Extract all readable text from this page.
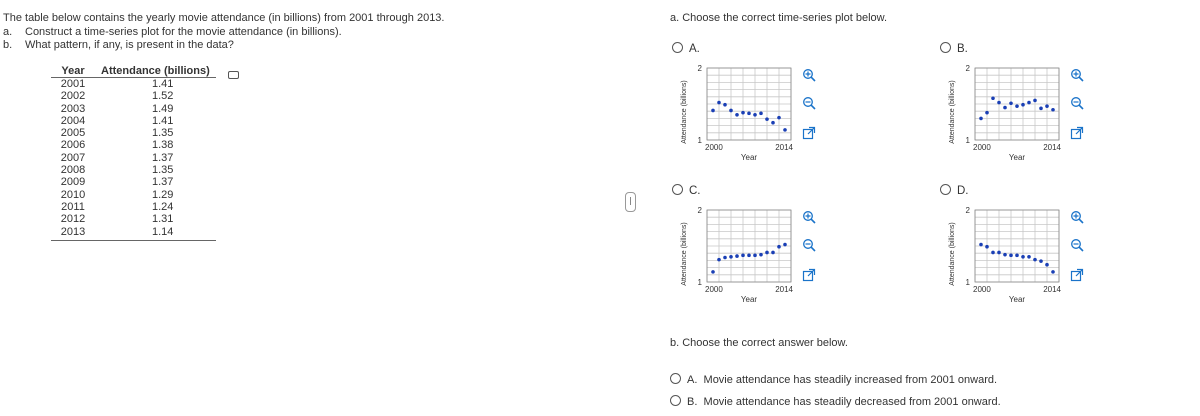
The table below contains the yearly movie attendance (in billions) from 2001 through 2013.
a. Construct a time-series plot for the movie attendance (in billions).
b. What pattern, if any, is present in the data?
Year	Attendance (billions)
2001	1.41
2002	1.52
2003	1.49
2004	1.41
2005	1.35
2006	1.38
2007	1.37
2008	1.35
2009	1.37
2010	1.29
2011	1.24
2012	1.31
2013	1.14
a. Choose the correct time-series plot below.
A.
2
1
2000	2014
Year
Attendance (billions)
B.
2
1
2000	2014
Year
Attendance (billions)
C.
2
1
2000	2014
Year
Attendance (billions)
D.
2
1
2000	2014
Year
Attendance (billions)
b. Choose the correct answer below.
A. Movie attendance has steadily increased from 2001 onward.
B. Movie attendance has steadily decreased from 2001 onward.
